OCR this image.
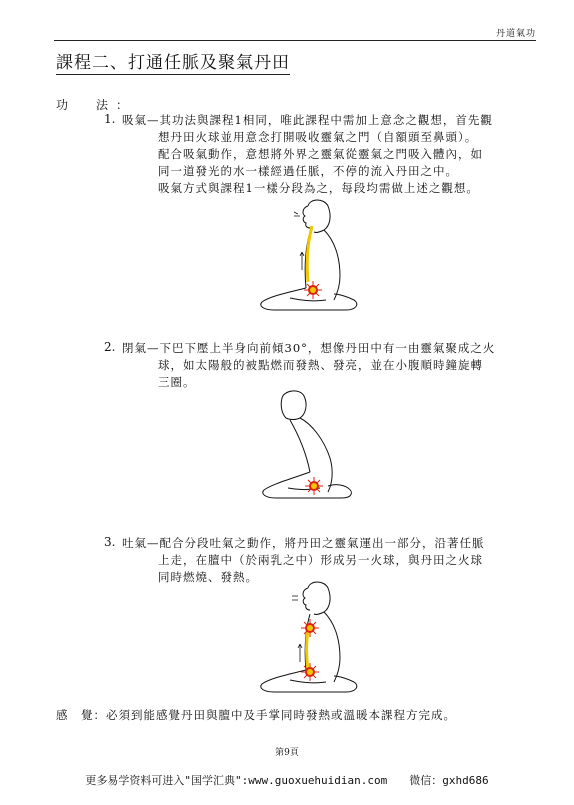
丹道氣功
課程二、打通任脈及聚氣丹田
功　法：
1. 吸氣—其功法與課程1相同，唯此課程中需加上意念之觀想，首先觀
想丹田火球並用意念打開吸收靈氣之門（自額頭至鼻頭）。
配合吸氣動作，意想將外界之靈氣從靈氣之門吸入體內，如
同一道發光的水一樣經過任脈，不停的流入丹田之中。
吸氣方式與課程1一樣分段為之，每段均需做上述之觀想。
2. 閉氣—下巴下壓上半身向前傾30°，想像丹田中有一由靈氣聚成之火
球，如太陽般的被點燃而發熱、發亮，並在小腹順時鐘旋轉
三圈。
3. 吐氣—配合分段吐氣之動作，將丹田之靈氣運出一部分，沿著任脈
上走，在膻中（於兩乳之中）形成另一火球，與丹田之火球
同時燃燒、發熱。
感　覺：必須到能感覺丹田與膻中及手掌同時發熱或溫暖本課程方完成。
第9頁
更多易学资料可进入"国学汇典":www.guoxuehuidian.com　　微信：gxhd686
